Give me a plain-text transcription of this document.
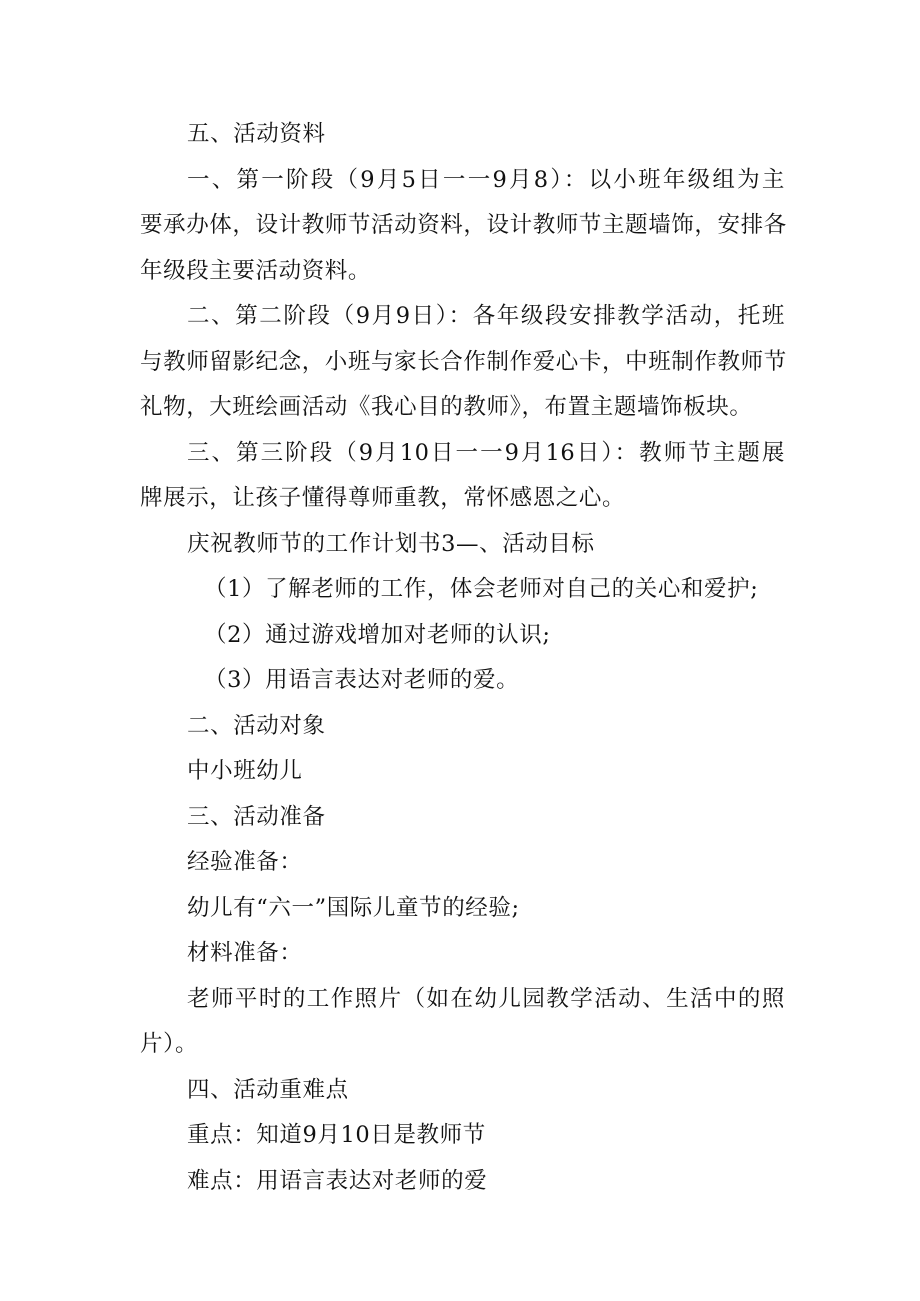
五、活动资料
一、第一阶段（9月5日一一9月8）：以小班年级组为主
要承办体，设计教师节活动资料，设计教师节主题墙饰，安排各
年级段主要活动资料。
二、第二阶段（9月9日）：各年级段安排教学活动，托班
与教师留影纪念，小班与家长合作制作爱心卡，中班制作教师节
礼物，大班绘画活动《我心目的教师》，布置主题墙饰板块。
三、第三阶段（9月10日一一9月16日）：教师节主题展
牌展示，让孩子懂得尊师重教，常怀感恩之心。
庆祝教师节的工作计划书3—、活动目标
（1）了解老师的工作，体会老师对自己的关心和爱护;
（2）通过游戏增加对老师的认识;
（3）用语言表达对老师的爱。
二、活动对象
中小班幼儿
三、活动准备
经验准备：
幼儿有“六一”国际儿童节的经验;
材料准备：
老师平时的工作照片（如在幼儿园教学活动、生活中的照
片）。
四、活动重难点
重点：知道9月10日是教师节
难点：用语言表达对老师的爱
